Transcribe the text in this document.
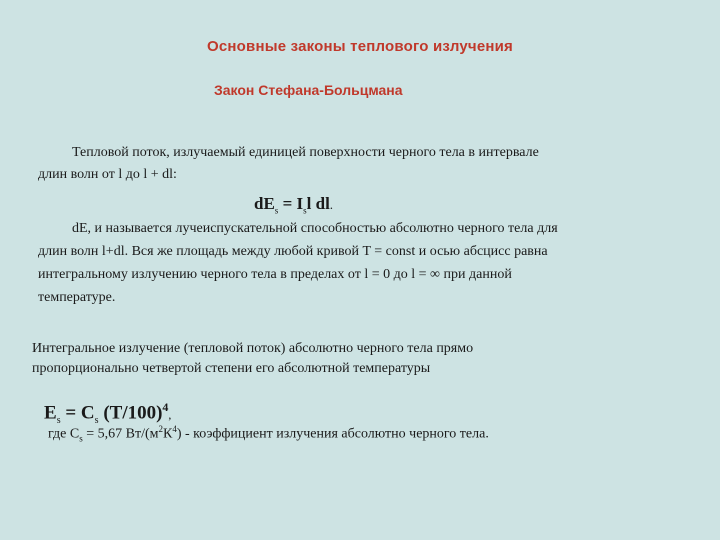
Основные законы теплового излучения
Закон Стефана-Больцмана
Тепловой поток, излучаемый единицей поверхности черного тела в интервале
длин волн от l до l + dl:
$dE_s = I_sl$ dl.
dE, и называется лучеиспускательной способностью абсолютно черного тела для
длин волн l+dl. Вся же площадь между любой кривой T = const и осью абсцисс равна
интегральному излучению черного тела в пределах от l = 0 до l = ∞ при данной
температуре.
Интегральное излучение (тепловой поток) абсолютно черного тела прямо
пропорционально четвертой степени его абсолютной температуры
$E_s = C_s$ $(T/100)^4$,
где $C_s = 5,67$ $Вт/(м^2К^4)$ - коэффициент излучения абсолютно черного тела.
